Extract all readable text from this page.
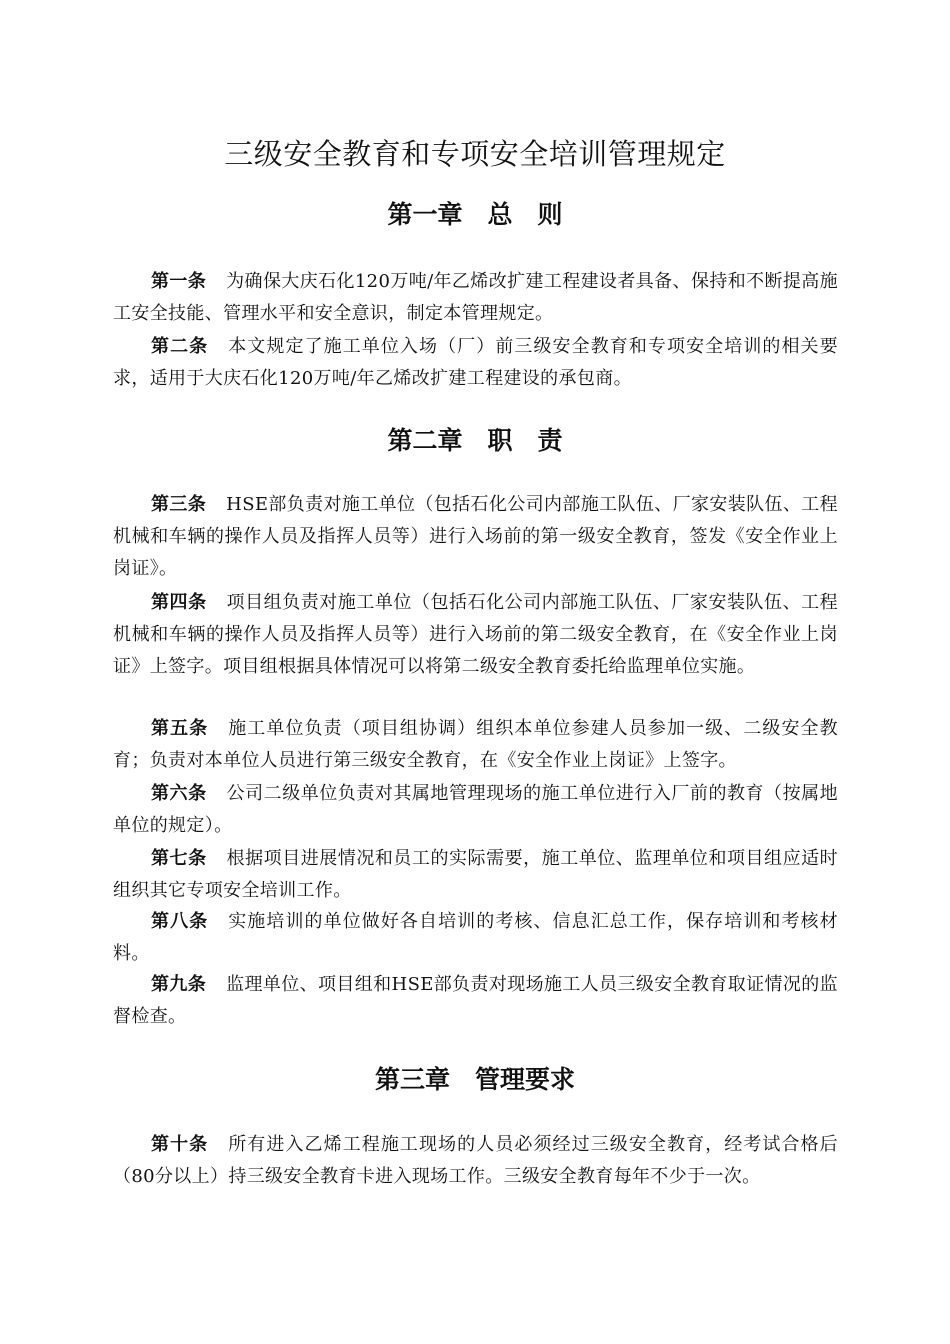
三级安全教育和专项安全培训管理规定
第一章　总　则
第一条 为确保大庆石化120万吨/年乙烯改扩建工程建设者具备、保持和不断提高施工安全技能、管理水平和安全意识，制定本管理规定。
第二条 本文规定了施工单位入场（厂）前三级安全教育和专项安全培训的相关要求，适用于大庆石化120万吨/年乙烯改扩建工程建设的承包商。
第二章　职　责
第三条 HSE部负责对施工单位（包括石化公司内部施工队伍、厂家安装队伍、工程机械和车辆的操作人员及指挥人员等）进行入场前的第一级安全教育，签发《安全作业上岗证》。
第四条 项目组负责对施工单位（包括石化公司内部施工队伍、厂家安装队伍、工程机械和车辆的操作人员及指挥人员等）进行入场前的第二级安全教育，在《安全作业上岗证》上签字。项目组根据具体情况可以将第二级安全教育委托给监理单位实施。
第五条 施工单位负责（项目组协调）组织本单位参建人员参加一级、二级安全教育；负责对本单位人员进行第三级安全教育，在《安全作业上岗证》上签字。
第六条 公司二级单位负责对其属地管理现场的施工单位进行入厂前的教育（按属地单位的规定）。
第七条 根据项目进展情况和员工的实际需要，施工单位、监理单位和项目组应适时组织其它专项安全培训工作。
第八条 实施培训的单位做好各自培训的考核、信息汇总工作，保存培训和考核材料。
第九条 监理单位、项目组和HSE部负责对现场施工人员三级安全教育取证情况的监督检查。
第三章　管理要求
第十条 所有进入乙烯工程施工现场的人员必须经过三级安全教育，经考试合格后（80分以上）持三级安全教育卡进入现场工作。三级安全教育每年不少于一次。
